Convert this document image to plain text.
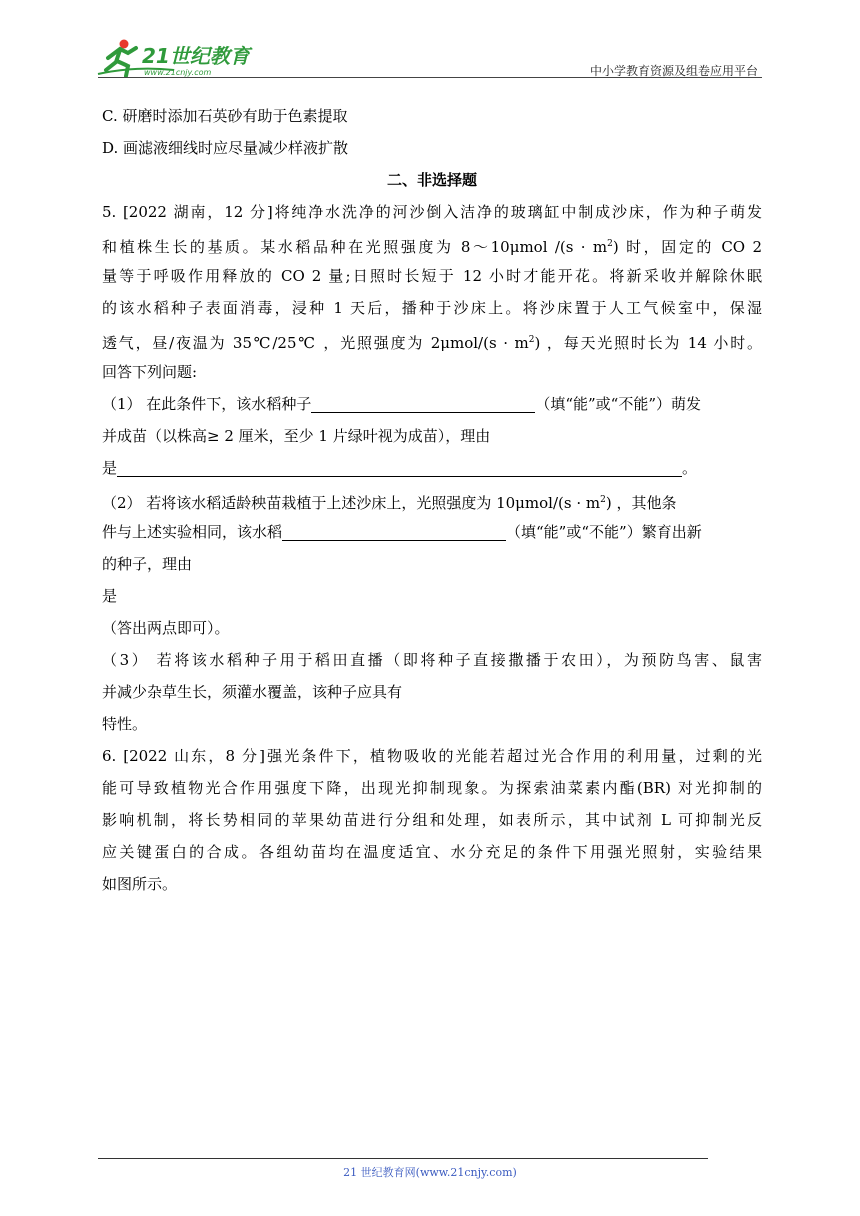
21世纪教育
www.21cnjy.com	中小学教育资源及组卷应用平台
C. 研磨时添加石英砂有助于色素提取
D. 画滤液细线时应尽量减少样液扩散
二、非选择题
5. [2022 湖南，12 分]将纯净水洗净的河沙倒入洁净的玻璃缸中制成沙床，作为种子萌发
和植株生长的基质。某水稻品种在光照强度为 8～10μmol $/(s \cdot m^2)$ 时，固定的 CO 2
量等于呼吸作用释放的 CO 2 量;日照时长短于 12 小时才能开花。将新采收并解除休眠
的该水稻种子表面消毒，浸种 1 天后，播种于沙床上。将沙床置于人工气候室中，保湿
透气，昼/夜温为 35℃/25℃ ，光照强度为 $2\mu mol/(s \cdot m^2)$ ，每天光照时长为 14 小时。
回答下列问题:
（1） 在此条件下，该水稻种子	（填“能”或“不能”）萌发
并成苗（以株高≥ 2 厘米，至少 1 片绿叶视为成苗），理由
是	。
（2） 若将该水稻适龄秧苗栽植于上述沙床上，光照强度为 $10\mu mol/(s \cdot m^2)$ ，其他条
件与上述实验相同，该水稻	（填“能”或“不能”）繁育出新
的种子，理由
是
（答出两点即可）。
（3） 若将该水稻种子用于稻田直播（即将种子直接撒播于农田），为预防鸟害、鼠害
并减少杂草生长，须灌水覆盖，该种子应具有
特性。
6. [2022 山东，8 分]强光条件下，植物吸收的光能若超过光合作用的利用量，过剩的光
能可导致植物光合作用强度下降，出现光抑制现象。为探索油菜素内酯(BR) 对光抑制的
影响机制，将长势相同的苹果幼苗进行分组和处理，如表所示，其中试剂 L 可抑制光反
应关键蛋白的合成。各组幼苗均在温度适宜、水分充足的条件下用强光照射，实验结果
如图所示。
21 世纪教育网(www.21cnjy.com)
